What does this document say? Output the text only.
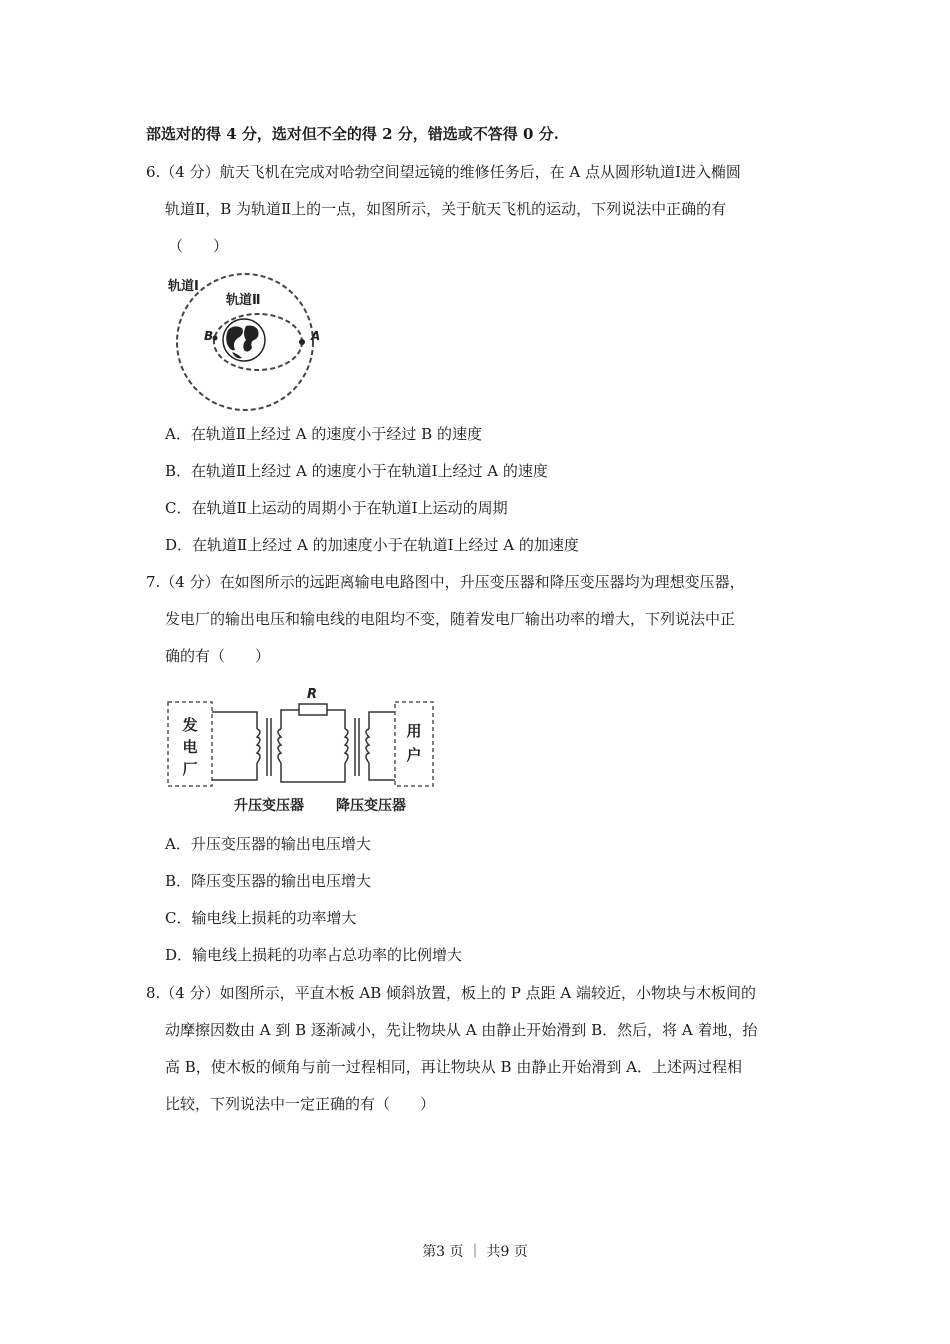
部选对的得 4 分，选对但不全的得 2 分，错选或不答得 0 分.
6.（4 分）航天飞机在完成对哈勃空间望远镜的维修任务后，在 A 点从圆形轨道Ⅰ进入椭圆
轨道Ⅱ，B 为轨道Ⅱ上的一点，如图所示，关于航天飞机的运动，下列说法中正确的有
（　　）
轨道Ⅰ
轨道Ⅱ
B	A
A．在轨道Ⅱ上经过 A 的速度小于经过 B 的速度
B．在轨道Ⅱ上经过 A 的速度小于在轨道Ⅰ上经过 A 的速度
C．在轨道Ⅱ上运动的周期小于在轨道Ⅰ上运动的周期
D．在轨道Ⅱ上经过 A 的加速度小于在轨道Ⅰ上经过 A 的加速度
7.（4 分）在如图所示的远距离输电电路图中，升压变压器和降压变压器均为理想变压器，
发电厂的输出电压和输电线的电阻均不变，随着发电厂输出功率的增大，下列说法中正
确的有（　　）
发
电
厂
R
用
户
升压变压器 降压变压器
A．升压变压器的输出电压增大
B．降压变压器的输出电压增大
C．输电线上损耗的功率增大
D．输电线上损耗的功率占总功率的比例增大
8.（4 分）如图所示，平直木板 AB 倾斜放置，板上的 P 点距 A 端较近，小物块与木板间的
动摩擦因数由 A 到 B 逐渐减小，先让物块从 A 由静止开始滑到 B．然后，将 A 着地，抬
高 B，使木板的倾角与前一过程相同，再让物块从 B 由静止开始滑到 A．上述两过程相
比较，下列说法中一定正确的有（　　）
第3 页 ｜ 共9 页
